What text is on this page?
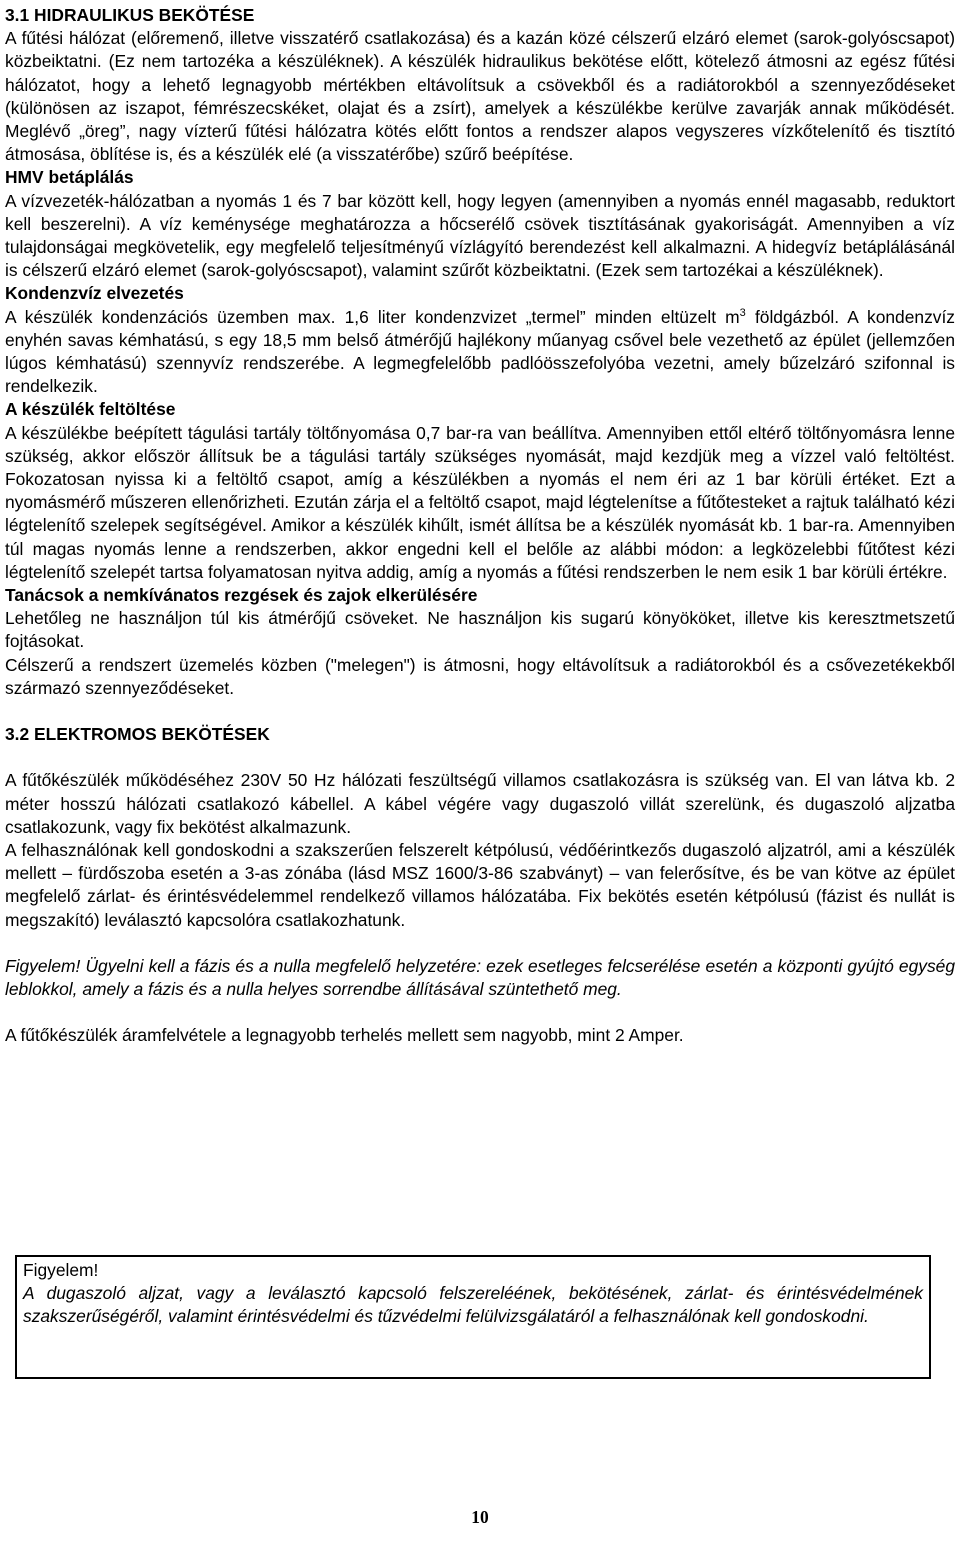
3.1 HIDRAULIKUS BEKÖTÉSE

A fűtési hálózat (előremenő, illetve visszatérő csatlakozása) és a kazán közé célszerű elzáró elemet (sarok-golyóscsapot) közbeiktatni. (Ez nem tartozéka a készüléknek). A készülék hidraulikus bekötése előtt, kötelező átmosni az egész fűtési hálózatot, hogy a lehető legnagyobb mértékben eltávolítsuk a csövekből és a radiátorokból a szennyeződéseket (különösen az iszapot, fémrészecskéket, olajat és a zsírt), amelyek a készülékbe kerülve zavarják annak működését. Meglévő „öreg”, nagy vízterű fűtési hálózatra kötés előtt fontos a rendszer alapos vegyszeres vízkőtelenítő és tisztító átmosása, öblítése is, és a készülék elé (a visszatérőbe) szűrő beépítése.

HMV betáplálás

A vízvezeték-hálózatban a nyomás 1 és 7 bar között kell, hogy legyen (amennyiben a nyomás ennél magasabb, reduktort kell beszerelni). A víz keménysége meghatározza a hőcserélő csövek tisztításának gyakoriságát. Amennyiben a víz tulajdonságai megkövetelik, egy megfelelő teljesítményű vízlágyító berendezést kell alkalmazni. A hidegvíz betáplálásánál is célszerű elzáró elemet (sarok-golyóscsapot), valamint szűrőt közbeiktatni. (Ezek sem tartozékai a készüléknek).

Kondenzvíz elvezetés

A készülék kondenzációs üzemben max. 1,6 liter kondenzvizet „termel” minden eltüzelt $m^3$ földgázból. A kondenzvíz enyhén savas kémhatású, s egy 18,5 mm belső átmérőjű hajlékony műanyag csővel bele vezethető az épület (jellemzően lúgos kémhatású) szennyvíz rendszerébe. A legmegfelelőbb padlóösszefolyóba vezetni, amely bűzelzáró szifonnal is rendelkezik.

A készülék feltöltése

A készülékbe beépített tágulási tartály töltőnyomása 0,7 bar-ra van beállítva. Amennyiben ettől eltérő töltőnyomásra lenne szükség, akkor először állítsuk be a tágulási tartály szükséges nyomását, majd kezdjük meg a vízzel való feltöltést. Fokozatosan nyissa ki a feltöltő csapot, amíg a készülékben a nyomás el nem éri az 1 bar körüli értéket. Ezt a nyomásmérő műszeren ellenőrizheti. Ezután zárja el a feltöltő csapot, majd légtelenítse a fűtőtesteket a rajtuk található kézi légtelenítő szelepek segítségével. Amikor a készülék kihűlt, ismét állítsa be a készülék nyomását kb. 1 bar-ra. Amennyiben túl magas nyomás lenne a rendszerben, akkor engedni kell el belőle az alábbi módon: a legközelebbi fűtőtest kézi légtelenítő szelepét tartsa folyamatosan nyitva addig, amíg a nyomás a fűtési rendszerben le nem esik 1 bar körüli értékre.

Tanácsok a nemkívánatos rezgések és zajok elkerülésére

Lehetőleg ne használjon túl kis átmérőjű csöveket. Ne használjon kis sugarú könyököket, illetve kis keresztmetszetű fojtásokat.

Célszerű a rendszert üzemelés közben ("melegen") is átmosni, hogy eltávolítsuk a radiátorokból és a csővezetékekből származó szennyeződéseket.

3.2 ELEKTROMOS BEKÖTÉSEK

A fűtőkészülék működéséhez 230V 50 Hz hálózati feszültségű villamos csatlakozásra is szükség van. El van látva kb. 2 méter hosszú hálózati csatlakozó kábellel. A kábel végére vagy dugaszoló villát szerelünk, és dugaszoló aljzatba csatlakozunk, vagy fix bekötést alkalmazunk.

A felhasználónak kell gondoskodni a szakszerűen felszerelt kétpólusú, védőérintkezős dugaszoló aljzatról, ami a készülék mellett – fürdőszoba esetén a 3-as zónába (lásd MSZ 1600/3-86 szabványt) – van felerősítve, és be van kötve az épület megfelelő zárlat- és érintésvédelemmel rendelkező villamos hálózatába. Fix bekötés esetén kétpólusú (fázist és nullát is megszakító) leválasztó kapcsolóra csatlakozhatunk.

Figyelem! Ügyelni kell a fázis és a nulla megfelelő helyzetére: ezek esetleges felcserélése esetén a központi gyújtó egység leblokkol, amely a fázis és a nulla helyes sorrendbe állításával szüntethető meg.

A fűtőkészülék áramfelvétele a legnagyobb terhelés mellett sem nagyobb, mint 2 Amper.

Figyelem!

A dugaszoló aljzat, vagy a leválasztó kapcsoló felszereléének, bekötésének, zárlat- és érintésvédelmének szakszerűségéről, valamint érintésvédelmi és tűzvédelmi felülvizsgálatáról a felhasználónak kell gondoskodni.

10
